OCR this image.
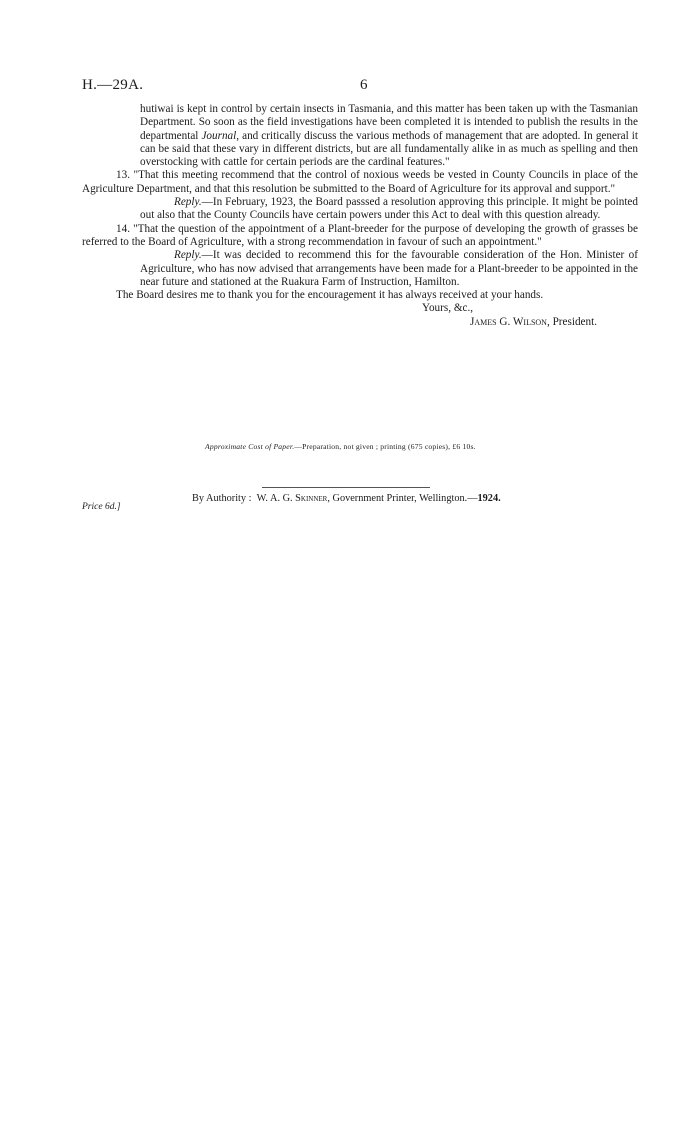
H.—29A.	6

hutiwai is kept in control by certain insects in Tasmania, and this matter has been taken up with the Tasmanian Department. So soon as the field investigations have been completed it is intended to publish the results in the departmental Journal, and critically discuss the various methods of management that are adopted. In general it can be said that these vary in different districts, but are all fundamentally alike in as much as spelling and then overstocking with cattle for certain periods are the cardinal features."

13. "That this meeting recommend that the control of noxious weeds be vested in County Councils in place of the Agriculture Department, and that this resolution be submitted to the Board of Agriculture for its approval and support."

Reply.—In February, 1923, the Board passsed a resolution approving this principle. It might be pointed out also that the County Councils have certain powers under this Act to deal with this question already.

14. "That the question of the appointment of a Plant-breeder for the purpose of developing the growth of grasses be referred to the Board of Agriculture, with a strong recommendation in favour of such an appointment."

Reply.—It was decided to recommend this for the favourable consideration of the Hon. Minister of Agriculture, who has now advised that arrangements have been made for a Plant-breeder to be appointed in the near future and stationed at the Ruakura Farm of Instruction, Hamilton.

The Board desires me to thank you for the encouragement it has always received at your hands.

Yours, &c.,

James G. Wilson, President.

Approximate Cost of Paper.—Preparation, not given ; printing (675 copies), £6 10s.
By Authority : W. A. G. Skinner, Government Printer, Wellington.—1924.
Price 6d.]
